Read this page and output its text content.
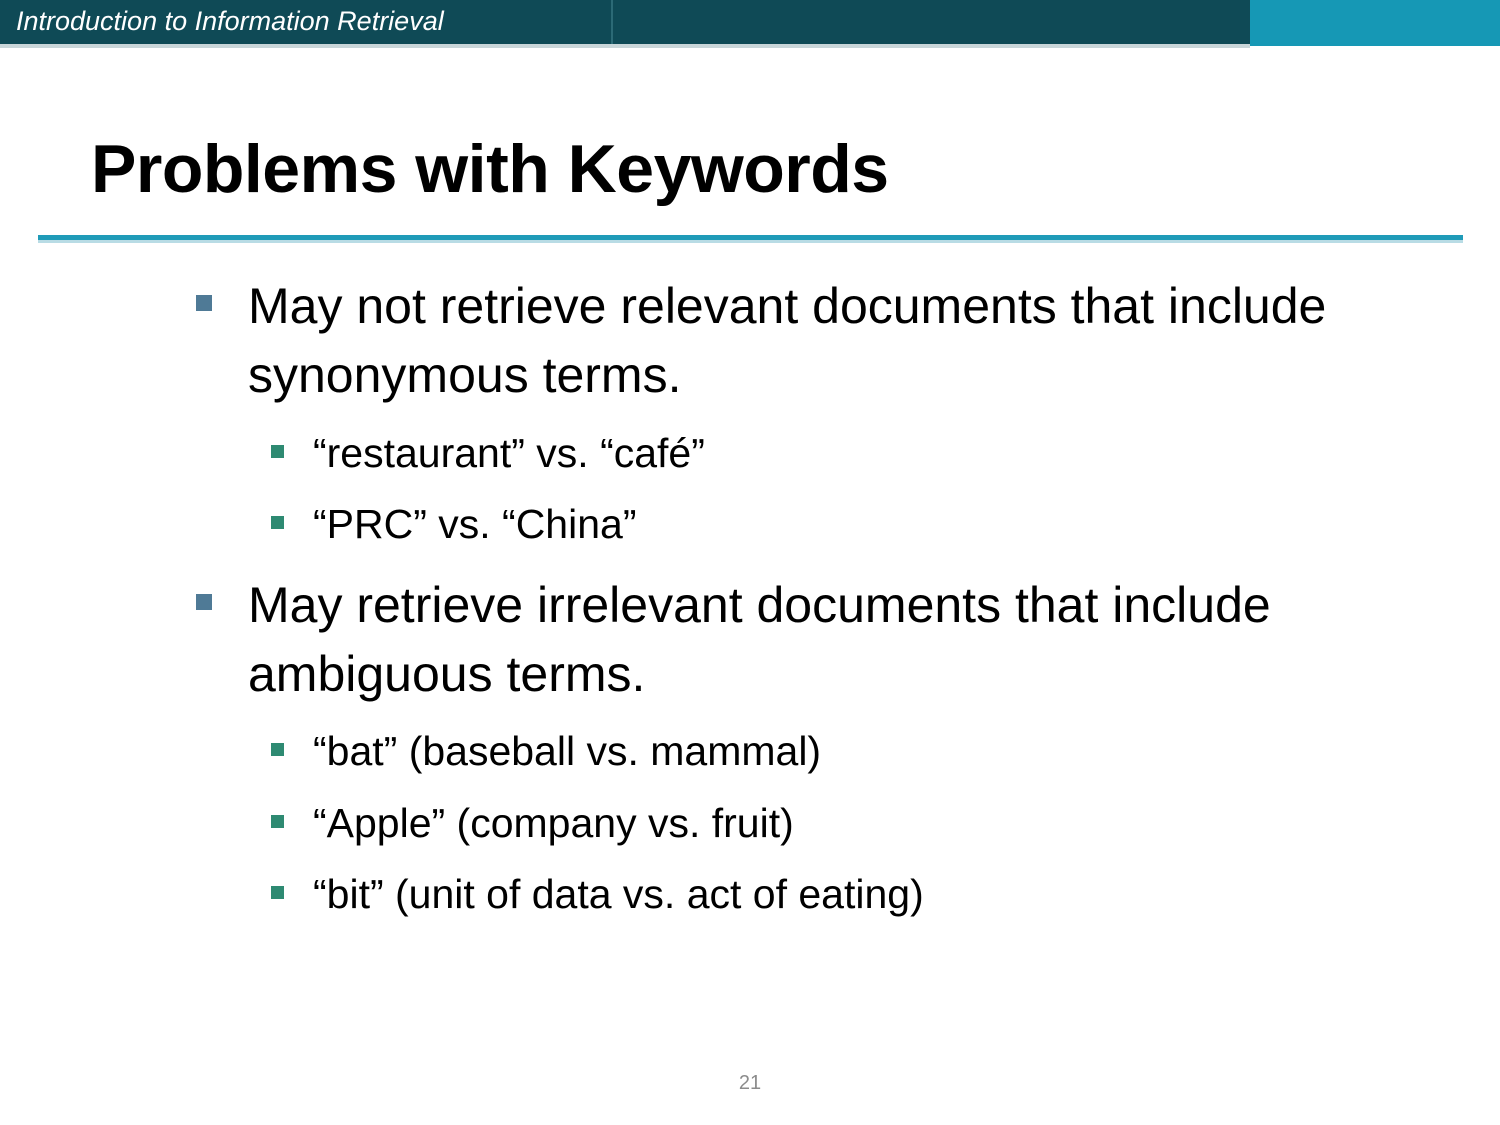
Introduction to Information Retrieval
Problems with Keywords
May not retrieve relevant documents that include synonymous terms.
“restaurant” vs. “café”
“PRC” vs. “China”
May retrieve irrelevant documents that include ambiguous terms.
“bat” (baseball vs. mammal)
“Apple” (company vs. fruit)
“bit” (unit of data vs. act of eating)
21
